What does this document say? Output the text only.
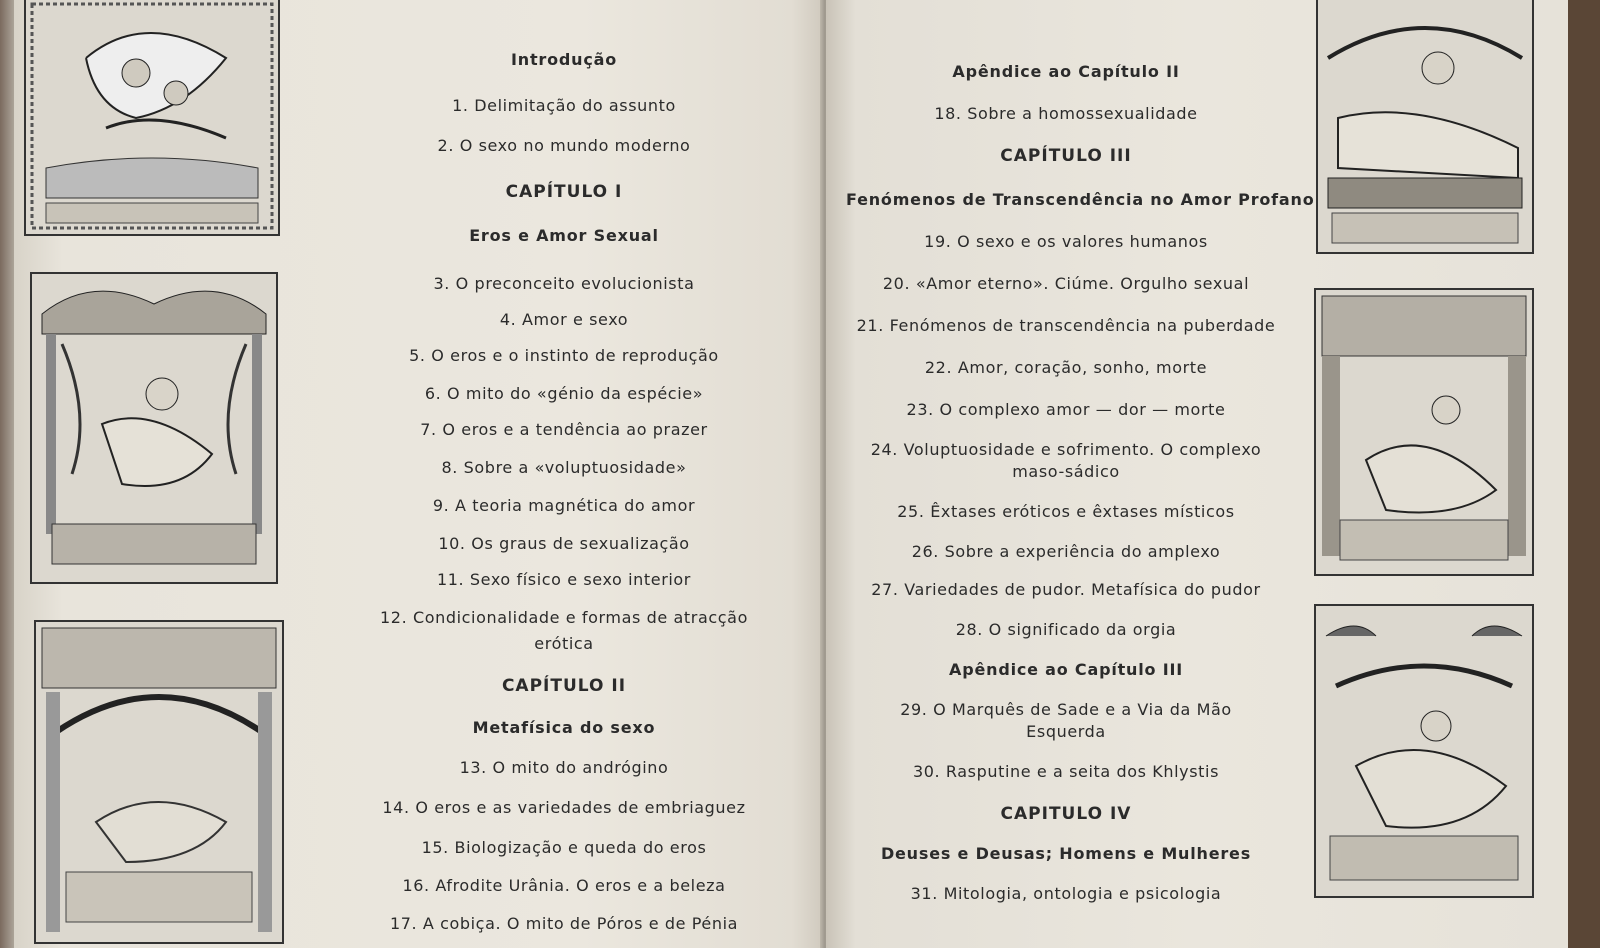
Introdução
1. Delimitação do assunto
2. O sexo no mundo moderno
CAPÍTULO I
Eros e Amor Sexual
3. O preconceito evolucionista
4. Amor e sexo
5. O eros e o instinto de reprodução
6. O mito do «génio da espécie»
7. O eros e a tendência ao prazer
8. Sobre a «voluptuosidade»
9. A teoria magnética do amor
10. Os graus de sexualização
11. Sexo físico e sexo interior
12. Condicionalidade e formas de atracção
erótica
CAPÍTULO II
Metafísica do sexo
13. O mito do andrógino
14. O eros e as variedades de embriaguez
15. Biologização e queda do eros
16. Afrodite Urânia. O eros e a beleza
17. A cobiça. O mito de Póros e de Pénia
Apêndice ao Capítulo II
18. Sobre a homossexualidade
CAPÍTULO III
Fenómenos de Transcendência no Amor Profano
19. O sexo e os valores humanos
20. «Amor eterno». Ciúme. Orgulho sexual
21. Fenómenos de transcendência na puberdade
22. Amor, coração, sonho, morte
23. O complexo amor — dor — morte
24. Voluptuosidade e sofrimento. O complexo
maso-sádico
25. Êxtases eróticos e êxtases místicos
26. Sobre a experiência do amplexo
27. Variedades de pudor. Metafísica do pudor
28. O significado da orgia
Apêndice ao Capítulo III
29. O Marquês de Sade e a Via da Mão
Esquerda
30. Rasputine e a seita dos Khlystis
CAPITULO IV
Deuses e Deusas; Homens e Mulheres
31. Mitologia, ontologia e psicologia
